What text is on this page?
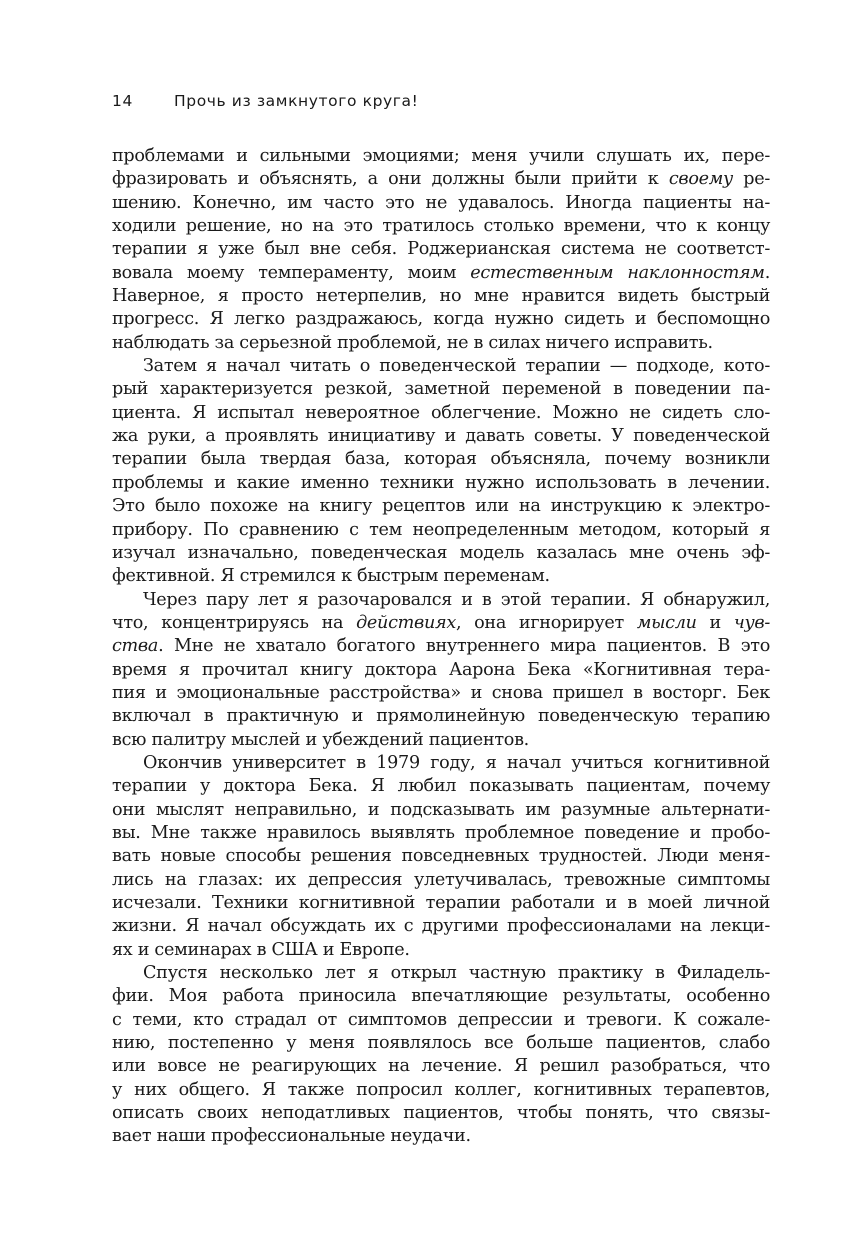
14	Прочь из замкнутого круга!
проблемами и сильными эмоциями; меня учили слушать их, пере-
фразировать и объяснять, а они должны были прийти к своему ре-
шению. Конечно, им часто это не удавалось. Иногда пациенты на-
ходили решение, но на это тратилось столько времени, что к концу
терапии я уже был вне себя. Роджерианская система не соответст-
вовала моему темпераменту, моим естественным наклонностям.
Наверное, я просто нетерпелив, но мне нравится видеть быстрый
прогресс. Я легко раздражаюсь, когда нужно сидеть и беспомощно
наблюдать за серьезной проблемой, не в силах ничего исправить.
Затем я начал читать о поведенческой терапии — подходе, кото-
рый характеризуется резкой, заметной переменой в поведении па-
циента. Я испытал невероятное облегчение. Можно не сидеть сло-
жа руки, а проявлять инициативу и давать советы. У поведенческой
терапии была твердая база, которая объясняла, почему возникли
проблемы и какие именно техники нужно использовать в лечении.
Это было похоже на книгу рецептов или на инструкцию к электро-
прибору. По сравнению с тем неопределенным методом, который я
изучал изначально, поведенческая модель казалась мне очень эф-
фективной. Я стремился к быстрым переменам.
Через пару лет я разочаровался и в этой терапии. Я обнаружил,
что, концентрируясь на действиях, она игнорирует мысли и чув-
ства. Мне не хватало богатого внутреннего мира пациентов. В это
время я прочитал книгу доктора Аарона Бека «Когнитивная тера-
пия и эмоциональные расстройства» и снова пришел в восторг. Бек
включал в практичную и прямолинейную поведенческую терапию
всю палитру мыслей и убеждений пациентов.
Окончив университет в 1979 году, я начал учиться когнитивной
терапии у доктора Бека. Я любил показывать пациентам, почему
они мыслят неправильно, и подсказывать им разумные альтернати-
вы. Мне также нравилось выявлять проблемное поведение и пробо-
вать новые способы решения повседневных трудностей. Люди меня-
лись на глазах: их депрессия улетучивалась, тревожные симптомы
исчезали. Техники когнитивной терапии работали и в моей личной
жизни. Я начал обсуждать их с другими профессионалами на лекци-
ях и семинарах в США и Европе.
Спустя несколько лет я открыл частную практику в Филадель-
фии. Моя работа приносила впечатляющие результаты, особенно
с теми, кто страдал от симптомов депрессии и тревоги. К сожале-
нию, постепенно у меня появлялось все больше пациентов, слабо
или вовсе не реагирующих на лечение. Я решил разобраться, что
у них общего. Я также попросил коллег, когнитивных терапевтов,
описать своих неподатливых пациентов, чтобы понять, что связы-
вает наши профессиональные неудачи.
